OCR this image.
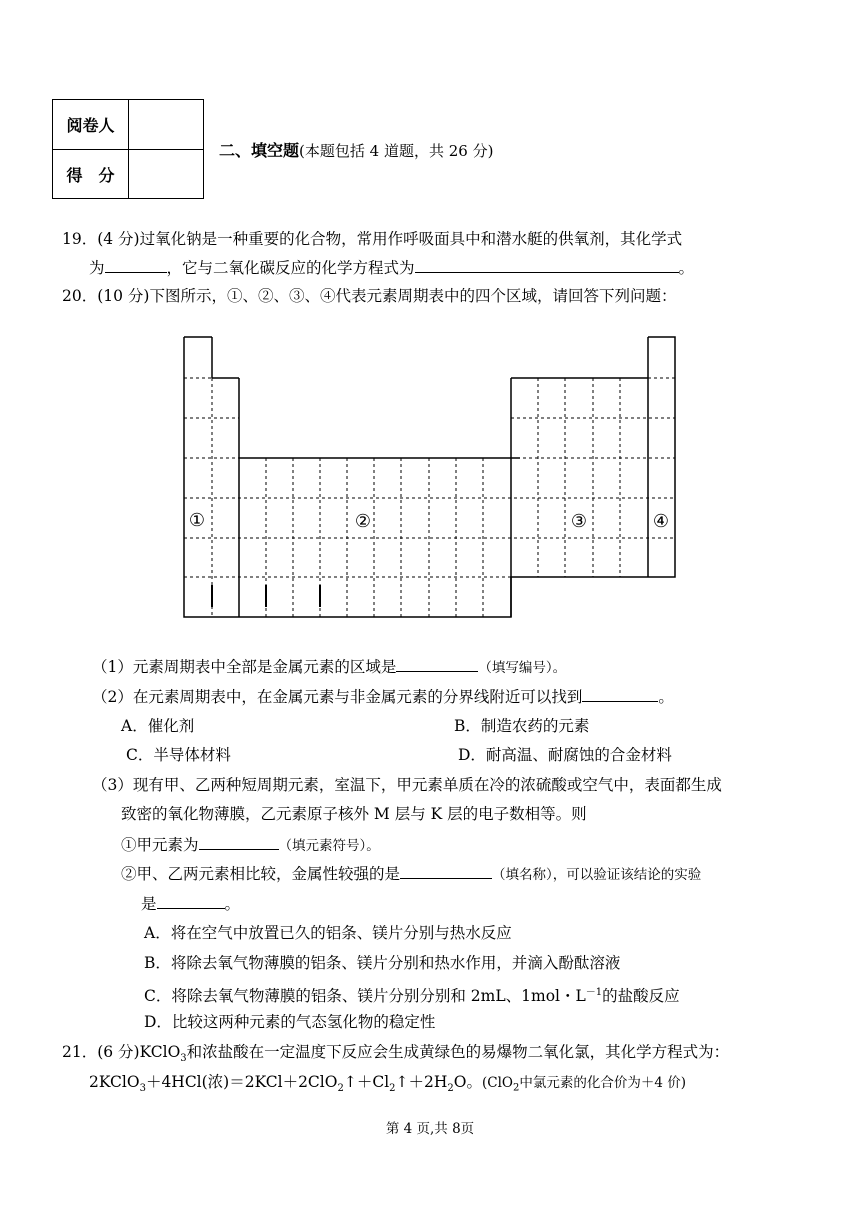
阅卷人
得　分
二、填空题(本题包括 4 道题，共 26 分)
19．(4 分)过氧化钠是一种重要的化合物，常用作呼吸面具中和潜水艇的供氧剂，其化学式
为	，它与二氧化碳反应的化学方程式为	。
20．(10 分)下图所示，①、②、③、④代表元素周期表中的四个区域，请回答下列问题：
①	②	③	④
（1）元素周期表中全部是金属元素的区域是	（填写编号）。
（2）在元素周期表中，在金属元素与非金属元素的分界线附近可以找到	。
A．催化剂	B．制造农药的元素
C．半导体材料	D．耐高温、耐腐蚀的合金材料
（3）现有甲、乙两种短周期元素，室温下，甲元素单质在冷的浓硫酸或空气中，表面都生成
致密的氧化物薄膜，乙元素原子核外 M 层与 K 层的电子数相等。则
①甲元素为	（填元素符号）。
②甲、乙两元素相比较，金属性较强的是	（填名称），可以验证该结论的实验
是	。
A．将在空气中放置已久的铝条、镁片分别与热水反应
B．将除去氧气物薄膜的铝条、镁片分别和热水作用，并滴入酚酞溶液
C．将除去氧气物薄膜的铝条、镁片分别分别和 2mL、1mol・$L^{-1}$的盐酸反应
D．比较这两种元素的气态氢化物的稳定性
21．(6 分)KClO$_3$和浓盐酸在一定温度下反应会生成黄绿色的易爆物二氧化氯，其化学方程式为：
2KClO$_3$＋4HCl(浓)$=2KCl+2ClO_2↑+Cl_2↑+2H_2O$。(ClO$_2$中氯元素的化合价为＋4 价)
第 4 页,共 8页
